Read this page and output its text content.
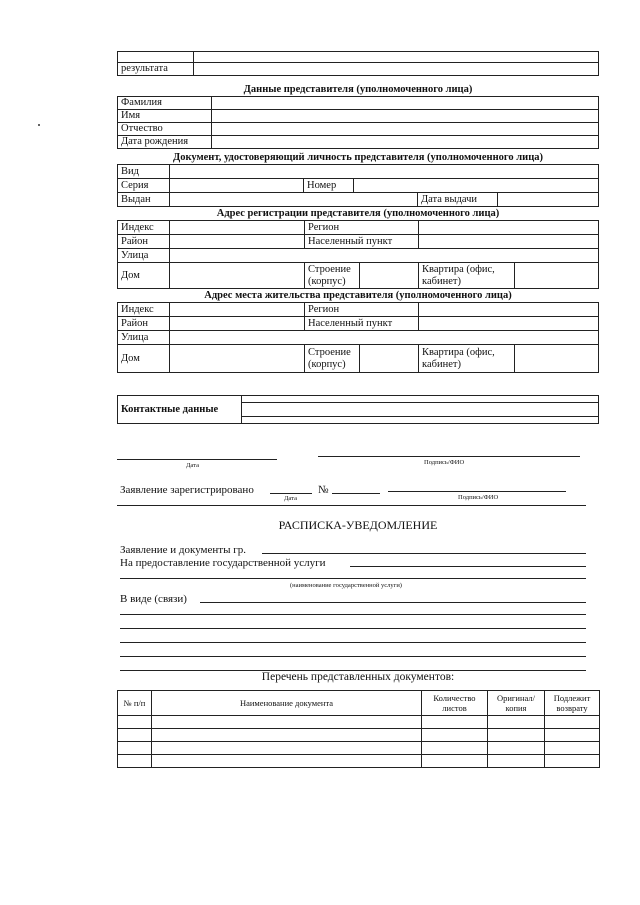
результата	
Данные представителя (уполномоченного лица)
Фамилия	
Имя	
Отчество	
Дата рождения	
Документ, удостоверяющий личность представителя (уполномоченного лица)
Вид					
Серия		Номер			
Выдан				Дата выдачи	
Адрес регистрации представителя (уполномоченного лица)
Индекс		Регион			
Район		Населенный пункт			
Улица					
Дом		Строение (корпус)		Квартира (офис, кабинет)	
Адрес места жительства представителя (уполномоченного лица)
Индекс		Регион			
Район		Населенный пункт			
Улица					
Дом		Строение (корпус)		Квартира (офис, кабинет)	
Контактные данные	

Дата	Подпись/ФИО
Заявление зарегистрировано	№
Дата	Подпись/ФИО
РАСПИСКА-УВЕДОМЛЕНИЕ
Заявление и документы гр.
На предоставление государственной услуги
(наименование государственной услуги)
В виде (связи)
Перечень представленных документов:
№ п/п	Наименование документа	Количество листов	Оригинал/ копия	Подлежит возврату
